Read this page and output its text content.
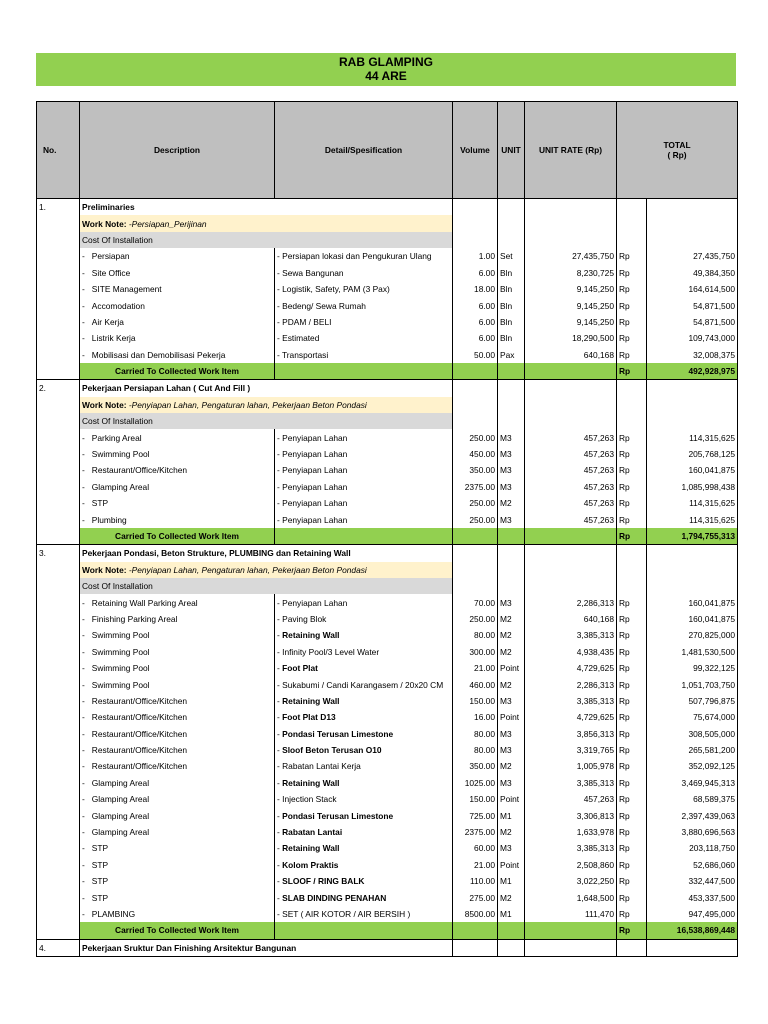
RAB GLAMPING
44 ARE
No.	Description	Detail/Spesification	Volume	UNIT	UNIT RATE (Rp)	TOTAL
( Rp)	

1.	Preliminaries						
	Work Note: -Persiapan_Perijinan						
	Cost Of Installation						
	- Persiapan	- Persiapan lokasi dan Pengukuran Ulang	1.00	Set	27,435,750	Rp	27,435,750
	- Site Office	- Sewa Bangunan	6.00	Bln	8,230,725	Rp	49,384,350
	- SITE Management	- Logistik, Safety, PAM (3 Pax)	18.00	Bln	9,145,250	Rp	164,614,500
	- Accomodation	- Bedeng/ Sewa Rumah	6.00	Bln	9,145,250	Rp	54,871,500
	- Air Kerja	- PDAM / BELI	6.00	Bln	9,145,250	Rp	54,871,500
	- Listrik Kerja	- Estimated	6.00	Bln	18,290,500	Rp	109,743,000
	- Mobilisasi dan Demobilisasi Pekerja	- Transportasi	50.00	Pax	640,168	Rp	32,008,375
	Carried To Collected Work Item					Rp	492,928,975
2.	Pekerjaan Persiapan Lahan ( Cut And Fill )						
	Work Note: -Penyiapan Lahan, Pengaturan lahan, Pekerjaan Beton Pondasi						
	Cost Of Installation						
	- Parking Areal	- Penyiapan Lahan	250.00	M3	457,263	Rp	114,315,625
	- Swimming Pool	- Penyiapan Lahan	450.00	M3	457,263	Rp	205,768,125
	- Restaurant/Office/Kitchen	- Penyiapan Lahan	350.00	M3	457,263	Rp	160,041,875
	- Glamping Areal	- Penyiapan Lahan	2375.00	M3	457,263	Rp	1,085,998,438
	- STP	- Penyiapan Lahan	250.00	M2	457,263	Rp	114,315,625
	- Plumbing	- Penyiapan Lahan	250.00	M3	457,263	Rp	114,315,625
	Carried To Collected Work Item					Rp	1,794,755,313
3.	Pekerjaan Pondasi, Beton Strukture, PLUMBING dan Retaining Wall						
	Work Note: -Penyiapan Lahan, Pengaturan lahan, Pekerjaan Beton Pondasi						
	Cost Of Installation						
	- Retaining Wall Parking Areal	- Penyiapan Lahan	70.00	M3	2,286,313	Rp	160,041,875
	- Finishing Parking Areal	- Paving Blok	250.00	M2	640,168	Rp	160,041,875
	- Swimming Pool	- Retaining Wall	80.00	M2	3,385,313	Rp	270,825,000
	- Swimming Pool	- Infinity Pool/3 Level Water	300.00	M2	4,938,435	Rp	1,481,530,500
	- Swimming Pool	- Foot Plat	21.00	Point	4,729,625	Rp	99,322,125
	- Swimming Pool	- Sukabumi / Candi Karangasem / 20x20 CM	460.00	M2	2,286,313	Rp	1,051,703,750
	- Restaurant/Office/Kitchen	- Retaining Wall	150.00	M3	3,385,313	Rp	507,796,875
	- Restaurant/Office/Kitchen	- Foot Plat D13	16.00	Point	4,729,625	Rp	75,674,000
	- Restaurant/Office/Kitchen	- Pondasi Terusan Limestone	80.00	M3	3,856,313	Rp	308,505,000
	- Restaurant/Office/Kitchen	- Sloof Beton Terusan O10	80.00	M3	3,319,765	Rp	265,581,200
	- Restaurant/Office/Kitchen	- Rabatan Lantai Kerja	350.00	M2	1,005,978	Rp	352,092,125
	- Glamping Areal	- Retaining Wall	1025.00	M3	3,385,313	Rp	3,469,945,313
	- Glamping Areal	- Injection Stack	150.00	Point	457,263	Rp	68,589,375
	- Glamping Areal	- Pondasi Terusan Limestone	725.00	M1	3,306,813	Rp	2,397,439,063
	- Glamping Areal	- Rabatan Lantai	2375.00	M2	1,633,978	Rp	3,880,696,563
	- STP	- Retaining Wall	60.00	M3	3,385,313	Rp	203,118,750
	- STP	- Kolom Praktis	21.00	Point	2,508,860	Rp	52,686,060
	- STP	- SLOOF / RING BALK	110.00	M1	3,022,250	Rp	332,447,500
	- STP	- SLAB DINDING PENAHAN	275.00	M2	1,648,500	Rp	453,337,500
	- PLAMBING	- SET ( AIR KOTOR / AIR BERSIH )	8500.00	M1	111,470	Rp	947,495,000
	Carried To Collected Work Item					Rp	16,538,869,448
4.	Pekerjaan Sruktur Dan Finishing Arsitektur Bangunan						
